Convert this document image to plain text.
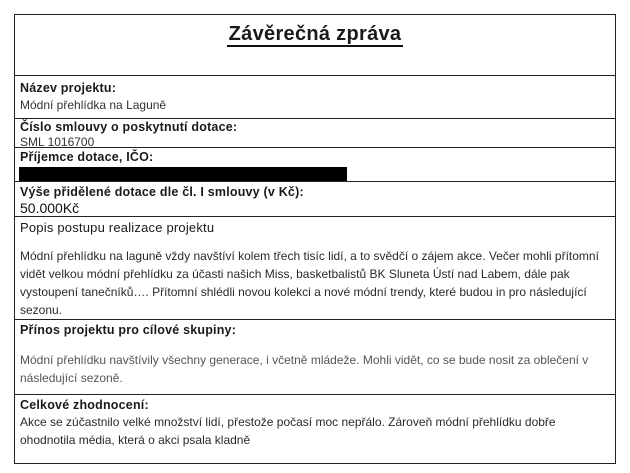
Závěrečná zpráva
Název projektu:
Módní přehlídka na Laguně
Číslo smlouvy o poskytnutí dotace:
SML 1016700
Příjemce dotace, IČO:
Výše přidělené dotace dle čl. I smlouvy (v Kč):
50.000Kč
Popis postupu realizace projektu
Módní přehlídku na laguně vždy navštíví kolem třech tisíc lidí, a to svědčí o zájem akce. Večer mohli přítomní vidět velkou módní přehlídku za účasti našich Miss, basketbalistů BK Sluneta Ústí nad Labem, dále pak vystoupení tanečníků…. Přítomní shlédli novou kolekci a nové módní trendy, které budou in pro následující sezonu.
Přínos projektu pro cílové skupiny:
Módní přehlídku navštívily všechny generace, i včetně mládeže. Mohli vidět, co se bude nosit za oblečení v následující sezoně.
Celkové zhodnocení:
Akce se zúčastnilo velké množství lidí, přestože počasí moc nepřálo. Zároveň módní přehlídku dobře ohodnotila média, která o akci psala kladně
